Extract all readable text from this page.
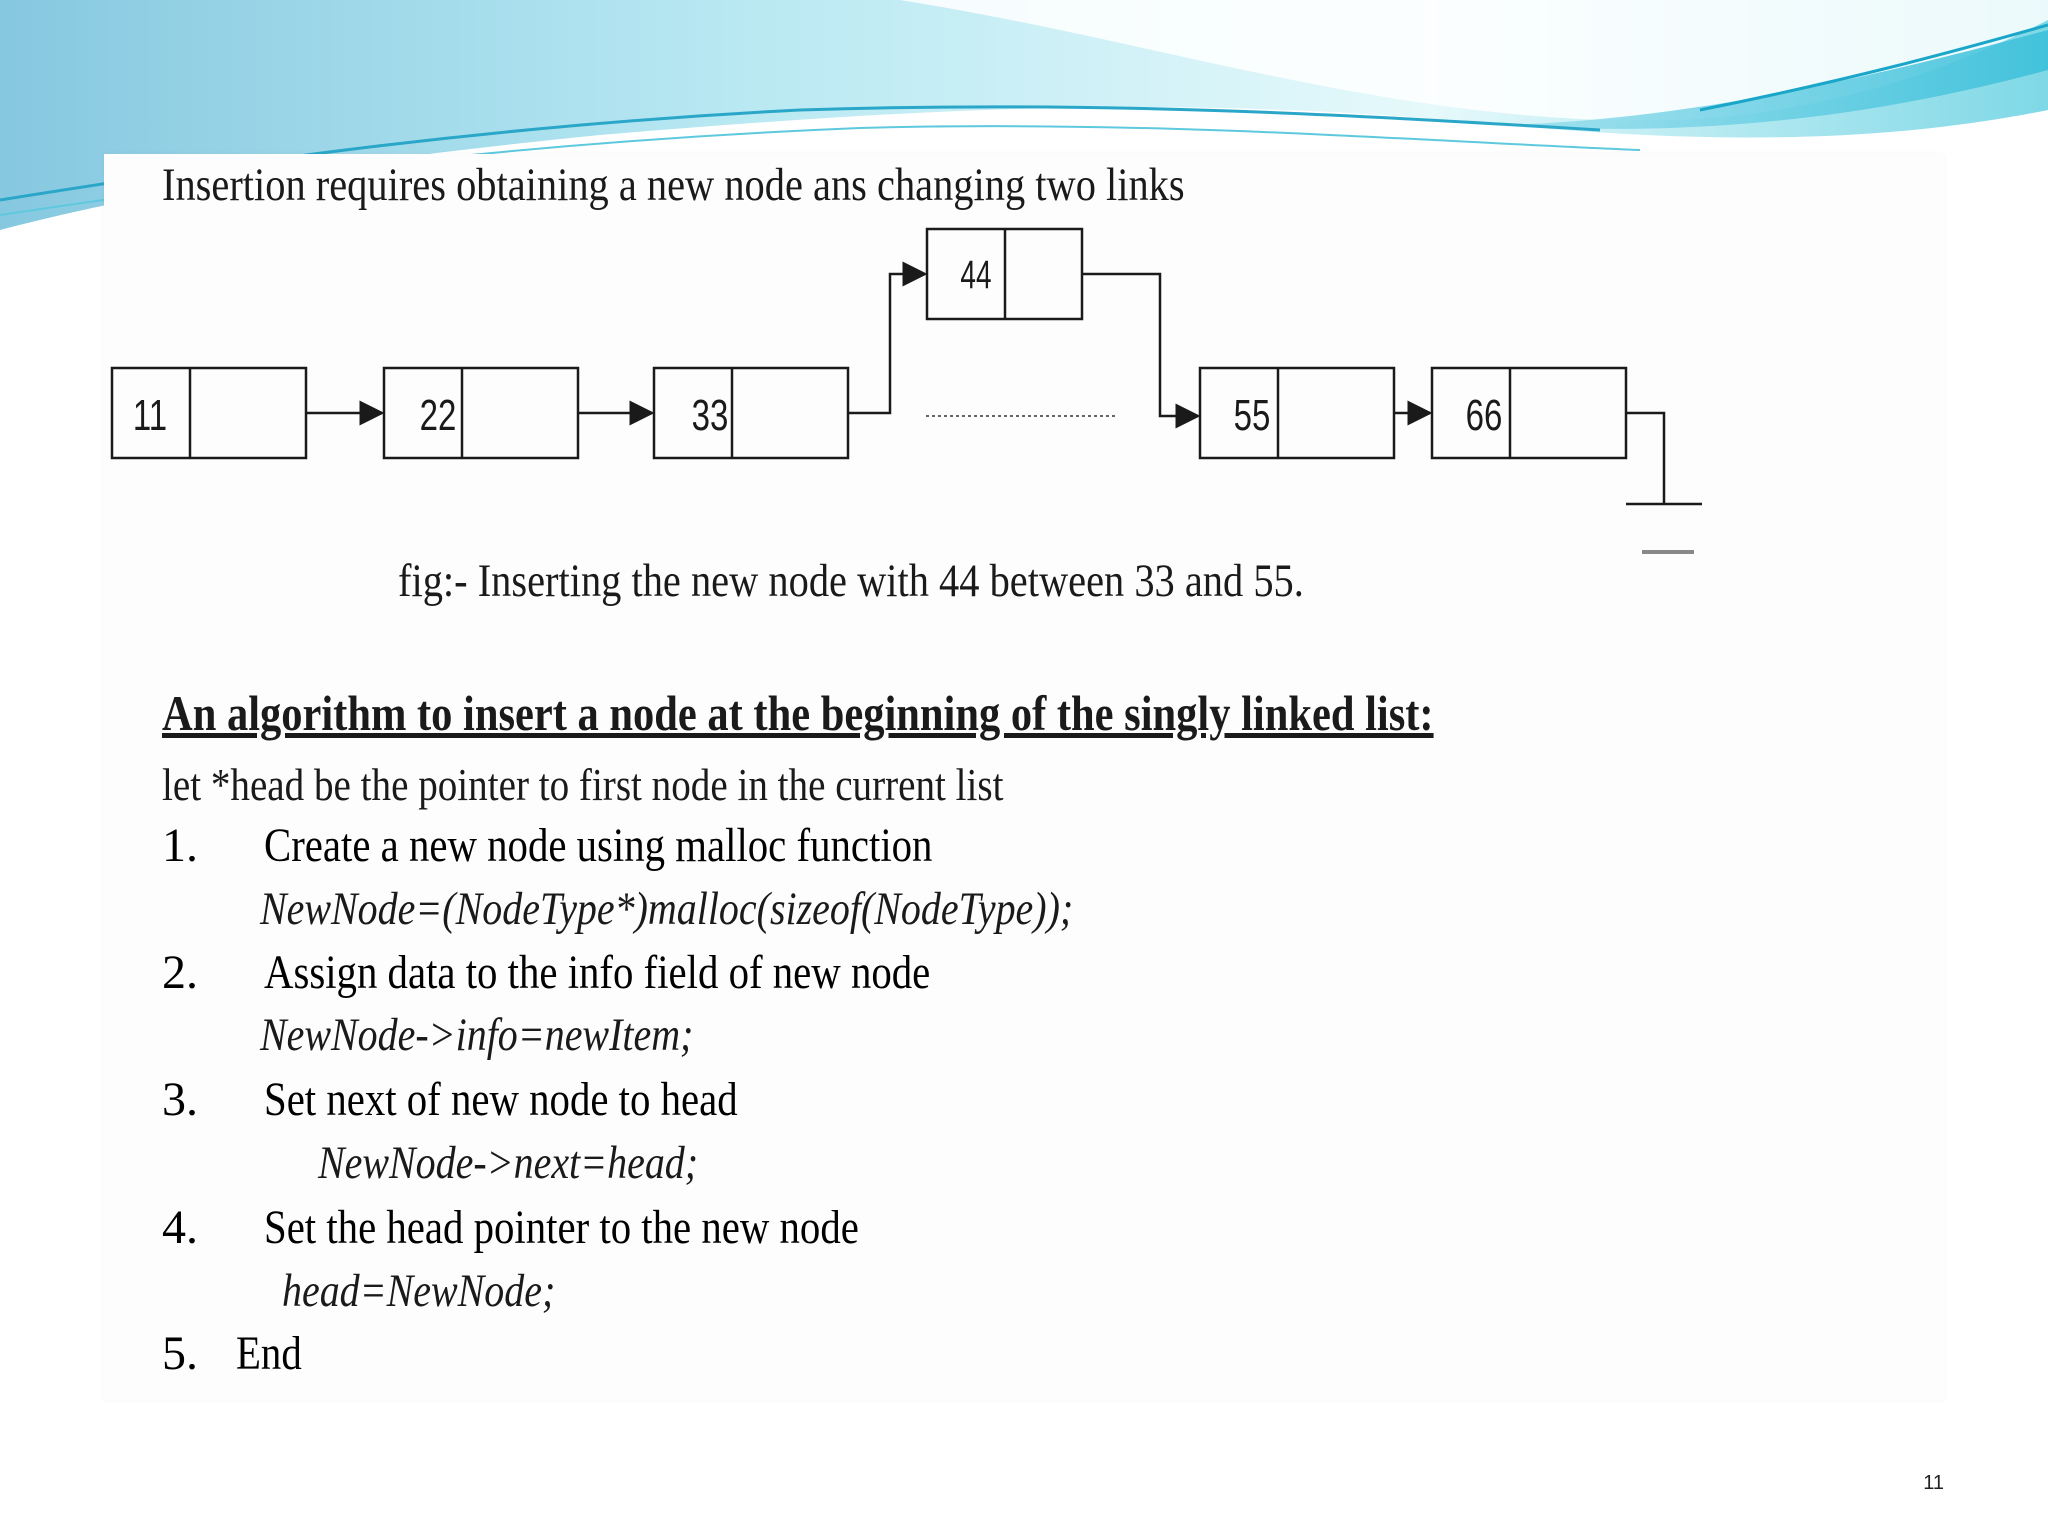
Insertion requires obtaining a new node ans changing two links
11	22	33	55	66
44
fig:- Inserting the new node with 44 between 33 and 55.
An algorithm to insert a node at the beginning of the singly linked list:
let *head be the pointer to first node in the current list
1. Create a new node using malloc function
NewNode=(NodeType*)malloc(sizeof(NodeType));
2. Assign data to the info field of new node
NewNode->info=newItem;
3. Set next of new node to head
NewNode->next=head;
4. Set the head pointer to the new node
head=NewNode;
5. End
11
